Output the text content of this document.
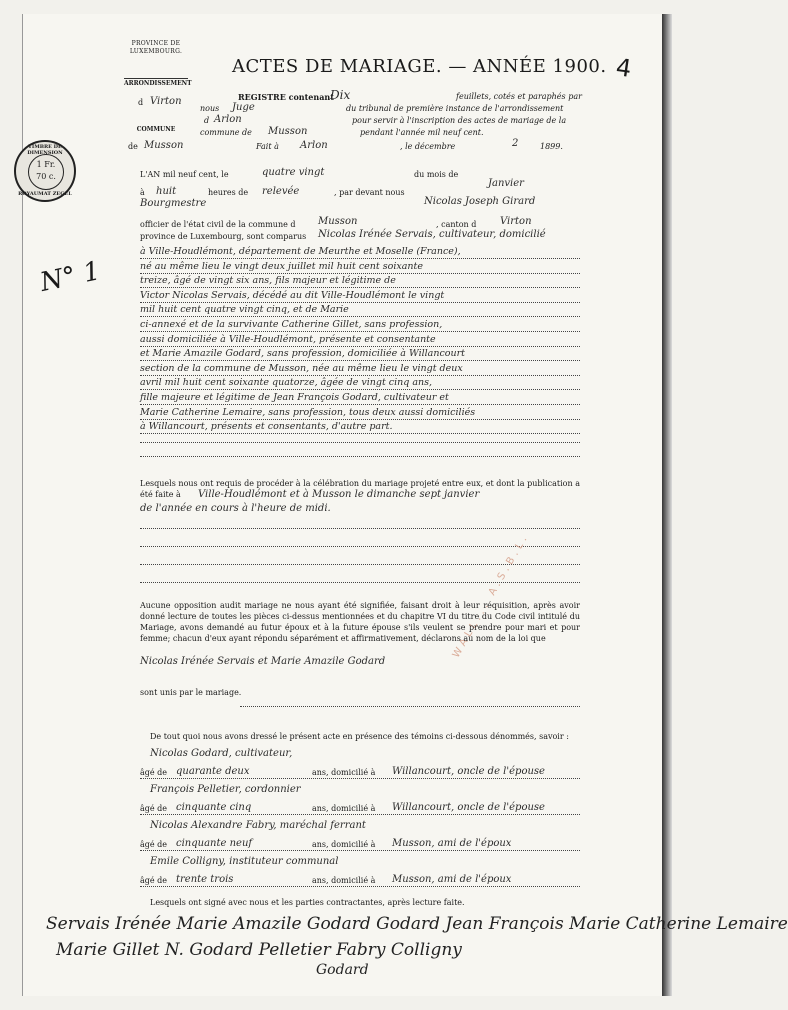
TIMBRE DE DIMENSION
1 Fr. 70 c.
ROYAUMAT ZEGEL
N° 1
PROVINCE DE LUXEMBOURG.
ARRONDISSEMENT
d Virton
COMMUNE
de Musson
ACTES DE MARIAGE. — ANNÉE 1900. 4
REGISTRE contenant
Dix	feuillets, cotés et paraphés par
nous Juge	du tribunal de première instance de l'arrondissement
d Arlon	pour servir à l'inscription des actes de mariage de la
commune de Musson	pendant l'année mil neuf cent.
Fait à Arlon	, le décembre	2	1899.
L'AN mil neuf cent, le	quatre vingt	du mois de
Janvier
à huit	heures de relevée	, par devant nous
Bourgmestre	Nicolas Joseph Girard
officier de l'état civil de la commune d Musson	, canton d Virton
province de Luxembourg, sont comparus Nicolas Irénée Servais, cultivateur, domicilié
à Ville-Houdlémont, département de Meurthe et Moselle (France),
né au même lieu le vingt deux juillet mil huit cent soixante
treize, âgé de vingt six ans, fils majeur et légitime de
Victor Nicolas Servais, décédé au dit Ville-Houdlémont le vingt
mil huit cent quatre vingt cinq, et de Marie
ci-annexé et de la survivante Catherine Gillet, sans profession,
aussi domiciliée à Ville-Houdlémont, présente et consentante
et Marie Amazile Godard, sans profession, domiciliée à Willancourt
section de la commune de Musson, née au même lieu le vingt deux
avril mil huit cent soixante quatorze, âgée de vingt cinq ans,
fille majeure et légitime de Jean François Godard, cultivateur et
Marie Catherine Lemaire, sans profession, tous deux aussi domiciliés
à Willancourt, présents et consentants, d'autre part.
Lesquels nous ont requis de procéder à la célébration du mariage projeté entre eux, et dont la publication a été faite à	Ville-Houdlémont et à Musson le dimanche sept janvier
de l'année en cours à l'heure de midi.
WALL... A.S.B.L.
Aucune opposition audit mariage ne nous ayant été signifiée, faisant droit à leur réquisition, après avoir donné lecture de toutes les pièces ci-dessus mentionnées et du chapitre VI du titre du Code civil intitulé du Mariage, avons demandé au futur époux et à la future épouse s'ils veulent se prendre pour mari et pour femme; chacun d'eux ayant répondu séparément et affirmativement, déclarons au nom de la loi que
Nicolas Irénée Servais et Marie Amazile Godard
sont unis par le mariage.
De tout quoi nous avons dressé le présent acte en présence des témoins ci-dessous dénommés, savoir :
Nicolas Godard, cultivateur,
âgé de quarante deux	ans, domicilié à Willancourt, oncle de l'épouse
François Pelletier, cordonnier
âgé de cinquante cinq	ans, domicilié à Willancourt, oncle de l'épouse
Nicolas Alexandre Fabry, maréchal ferrant
âgé de cinquante neuf	ans, domicilié à Musson, ami de l'époux
Emile Colligny, instituteur communal
âgé de trente trois	ans, domicilié à Musson, ami de l'époux
Lesquels ont signé avec nous et les parties contractantes, après lecture faite.
Servais Irénée Marie Amazile Godard Godard Jean François Marie Catherine Lemaire
Marie Gillet N. Godard Pelletier Fabry Colligny
Godard
